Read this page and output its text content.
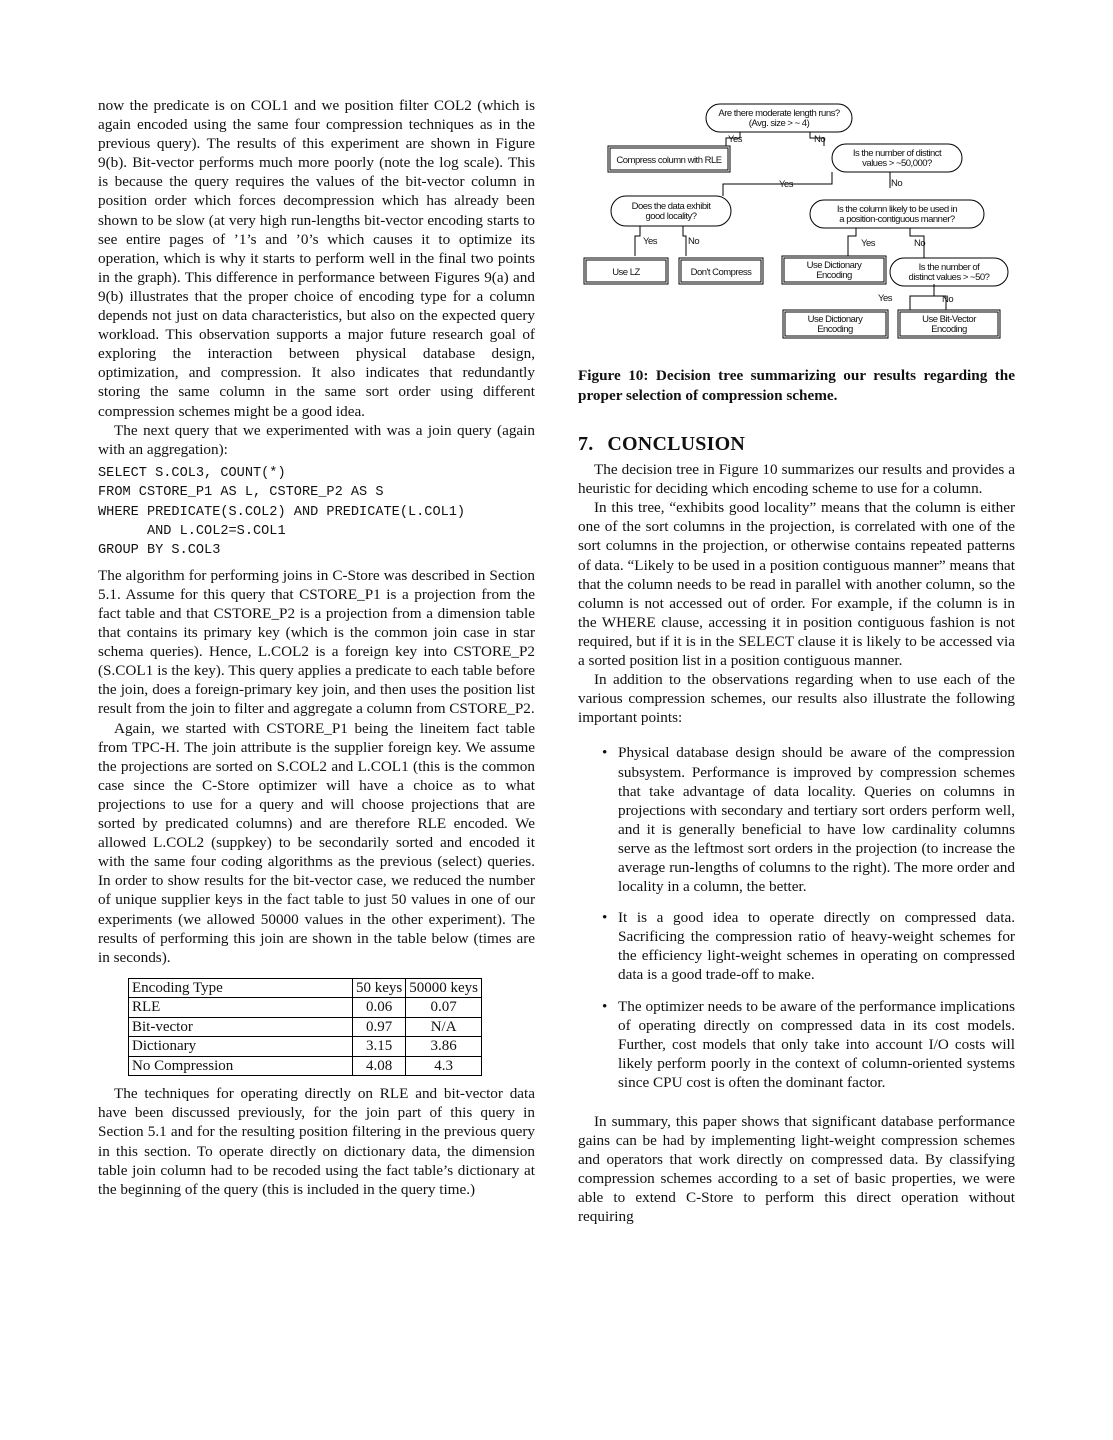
now the predicate is on COL1 and we position filter COL2 (which is again encoded using the same four compression techniques as in the previous query). The results of this experiment are shown in Figure 9(b). Bit-vector performs much more poorly (note the log scale). This is because the query requires the values of the bit-vector column in position order which forces decompression which has already been shown to be slow (at very high run-lengths bit-vector encoding starts to see entire pages of ’1’s and ’0’s which causes it to optimize its operation, which is why it starts to perform well in the final two points in the graph). This difference in performance between Figures 9(a) and 9(b) illustrates that the proper choice of encoding type for a column depends not just on data characteristics, but also on the expected query workload. This observation supports a major future research goal of exploring the interaction between physical database design, optimization, and compression. It also indicates that redundantly storing the same column in the same sort order using different compression schemes might be a good idea.

The next query that we experimented with was a join query (again with an aggregation):

SELECT S.COL3, COUNT(*)
FROM CSTORE_P1 AS L, CSTORE_P2 AS S
WHERE PREDICATE(S.COL2) AND PREDICATE(L.COL1)
AND L.COL2=S.COL1
GROUP BY S.COL3

The algorithm for performing joins in C-Store was described in Section 5.1. Assume for this query that CSTORE_P1 is a projection from the fact table and that CSTORE_P2 is a projection from a dimension table that contains its primary key (which is the common join case in star schema queries). Hence, L.COL2 is a foreign key into CSTORE_P2 (S.COL1 is the key). This query applies a predicate to each table before the join, does a foreign-primary key join, and then uses the position list result from the join to filter and aggregate a column from CSTORE_P2.

Again, we started with CSTORE_P1 being the lineitem fact table from TPC-H. The join attribute is the supplier foreign key. We assume the projections are sorted on S.COL2 and L.COL1 (this is the common case since the C-Store optimizer will have a choice as to what projections to use for a query and will choose projections that are sorted by predicated columns) and are therefore RLE encoded. We allowed L.COL2 (suppkey) to be secondarily sorted and encoded it with the same four coding algorithms as the previous (select) queries. In order to show results for the bit-vector case, we reduced the number of unique supplier keys in the fact table to just 50 values in one of our experiments (we allowed 50000 values in the other experiment). The results of performing this join are shown in the table below (times are in seconds).

Encoding Type	50 keys	50000 keys
RLE	0.06	0.07
Bit-vector	0.97	N/A
Dictionary	3.15	3.86
No Compression	4.08	4.3

The techniques for operating directly on RLE and bit-vector data have been discussed previously, for the join part of this query in Section 5.1 and for the resulting position filtering in the previous query in this section. To operate directly on dictionary data, the dimension table join column had to be recoded using the fact table’s dictionary at the beginning of the query (this is included in the query time.)

Are there moderate length runs?
(Avg. size > ~ 4)
Is the number of distinct
values > ~50,000?
Does the data exhibit
good locality?
Is the column likely to be used in
a position-contiguous manner?
Is the number of
distinct values > ~50?
Compress column with RLE
Use LZ	Don't Compress
Use Dictionary
Encoding
Use Dictionary
Encoding
Use Bit-Vector
Encoding
Yes	No
Yes	No
Yes	No	Yes	No
Yes	No
Figure 10: Decision tree summarizing our results regarding the proper selection of compression scheme.
7. CONCLUSION

The decision tree in Figure 10 summarizes our results and provides a heuristic for deciding which encoding scheme to use for a column.

In this tree, “exhibits good locality” means that the column is either one of the sort columns in the projection, is correlated with one of the sort columns in the projection, or otherwise contains repeated patterns of data. “Likely to be used in a position contiguous manner” means that that the column needs to be read in parallel with another column, so the column is not accessed out of order. For example, if the column is in the WHERE clause, accessing it in position contiguous fashion is not required, but if it is in the SELECT clause it is likely to be accessed via a sorted position list in a position contiguous manner.

In addition to the observations regarding when to use each of the various compression schemes, our results also illustrate the following important points:

• Physical database design should be aware of the compression subsystem. Performance is improved by compression schemes that take advantage of data locality. Queries on columns in projections with secondary and tertiary sort orders perform well, and it is generally beneficial to have low cardinality columns serve as the leftmost sort orders in the projection (to increase the average run-lengths of columns to the right). The more order and locality in a column, the better.
• It is a good idea to operate directly on compressed data. Sacrificing the compression ratio of heavy-weight schemes for the efficiency light-weight schemes in operating on compressed data is a good trade-off to make.
• The optimizer needs to be aware of the performance implications of operating directly on compressed data in its cost models. Further, cost models that only take into account I/O costs will likely perform poorly in the context of column-oriented systems since CPU cost is often the dominant factor.

In summary, this paper shows that significant database performance gains can be had by implementing light-weight compression schemes and operators that work directly on compressed data. By classifying compression schemes according to a set of basic properties, we were able to extend C-Store to perform this direct operation without requiring
